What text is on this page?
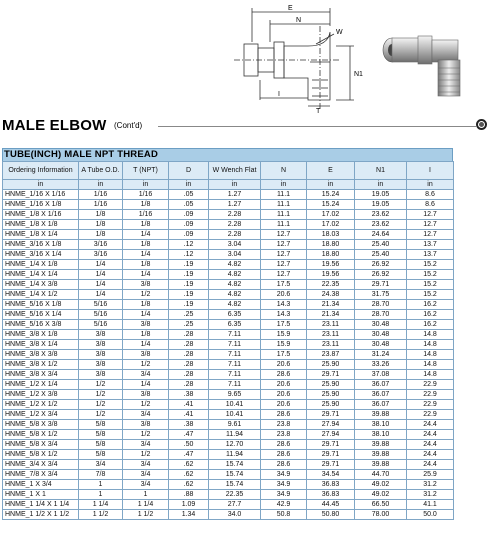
E
N
W
N1
T
I
MALE ELBOW (Cont'd)
TUBE(INCH) MALE NPT THREAD
Ordering Information	A Tube O.D.	T (NPT)	D	W Wench Flat	N	E	N1	I
in	in	in	in	in	in	in	in	in
HNME_1/16 X 1/16	1/16	1/16	.05	1.27	11.1	15.24	19.05	8.6
HNME_1/16 X 1/8	1/16	1/8	.05	1.27	11.1	15.24	19.05	8.6
HNME_1/8 X 1/16	1/8	1/16	.09	2.28	11.1	17.02	23.62	12.7
HNME_1/8 X 1/8	1/8	1/8	.09	2.28	11.1	17.02	23.62	12.7
HNME_1/8 X 1/4	1/8	1/4	.09	2.28	12.7	18.03	24.64	12.7
HNME_3/16 X 1/8	3/16	1/8	.12	3.04	12.7	18.80	25.40	13.7
HNME_3/16 X 1/4	3/16	1/4	.12	3.04	12.7	18.80	25.40	13.7
HNME_1/4 X 1/8	1/4	1/8	.19	4.82	12.7	19.56	26.92	15.2
HNME_1/4 X 1/4	1/4	1/4	.19	4.82	12.7	19.56	26.92	15.2
HNME_1/4 X 3/8	1/4	3/8	.19	4.82	17.5	22.35	29.71	15.2
HNME_1/4 X 1/2	1/4	1/2	.19	4.82	20.6	24.38	31.75	15.2
HNME_5/16 X 1/8	5/16	1/8	.19	4.82	14.3	21.34	28.70	16.2
HNME_5/16 X 1/4	5/16	1/4	.25	6.35	14.3	21.34	28.70	16.2
HNME_5/16 X 3/8	5/16	3/8	.25	6.35	17.5	23.11	30.48	16.2
HNME_3/8 X 1/8	3/8	1/8	.28	7.11	15.9	23.11	30.48	14.8
HNME_3/8 X 1/4	3/8	1/4	.28	7.11	15.9	23.11	30.48	14.8
HNME_3/8 X 3/8	3/8	3/8	.28	7.11	17.5	23.87	31.24	14.8
HNME_3/8 X 1/2	3/8	1/2	.28	7.11	20.6	25.90	33.26	14.8
HNME_3/8 X 3/4	3/8	3/4	.28	7.11	28.6	29.71	37.08	14.8
HNME_1/2 X 1/4	1/2	1/4	.28	7.11	20.6	25.90	36.07	22.9
HNME_1/2 X 3/8	1/2	3/8	.38	9.65	20.6	25.90	36.07	22.9
HNME_1/2 X 1/2	1/2	1/2	.41	10.41	20.6	25.90	36.07	22.9
HNME_1/2 X 3/4	1/2	3/4	.41	10.41	28.6	29.71	39.88	22.9
HNME_5/8 X 3/8	5/8	3/8	.38	9.61	23.8	27.94	38.10	24.4
HNME_5/8 X 1/2	5/8	1/2	.47	11.94	23.8	27.94	38.10	24.4
HNME_5/8 X 3/4	5/8	3/4	.50	12.70	28.6	29.71	39.88	24.4
HNME_5/8 X 1/2	5/8	1/2	.47	11.94	28.6	29.71	39.88	24.4
HNME_3/4 X 3/4	3/4	3/4	.62	15.74	28.6	29.71	39.88	24.4
HNME_7/8 X 3/4	7/8	3/4	.62	15.74	34.9	34.54	44.70	25.9
HNME_1 X 3/4	1	3/4	.62	15.74	34.9	36.83	49.02	31.2
HNME_1 X 1	1	1	.88	22.35	34.9	36.83	49.02	31.2
HNME_1 1/4 X 1 1/4	1 1/4	1 1/4	1.09	27.7	42.9	44.45	66.50	41.1
HNME_1 1/2 X 1 1/2	1 1/2	1 1/2	1.34	34.0	50.8	50.80	78.00	50.0
